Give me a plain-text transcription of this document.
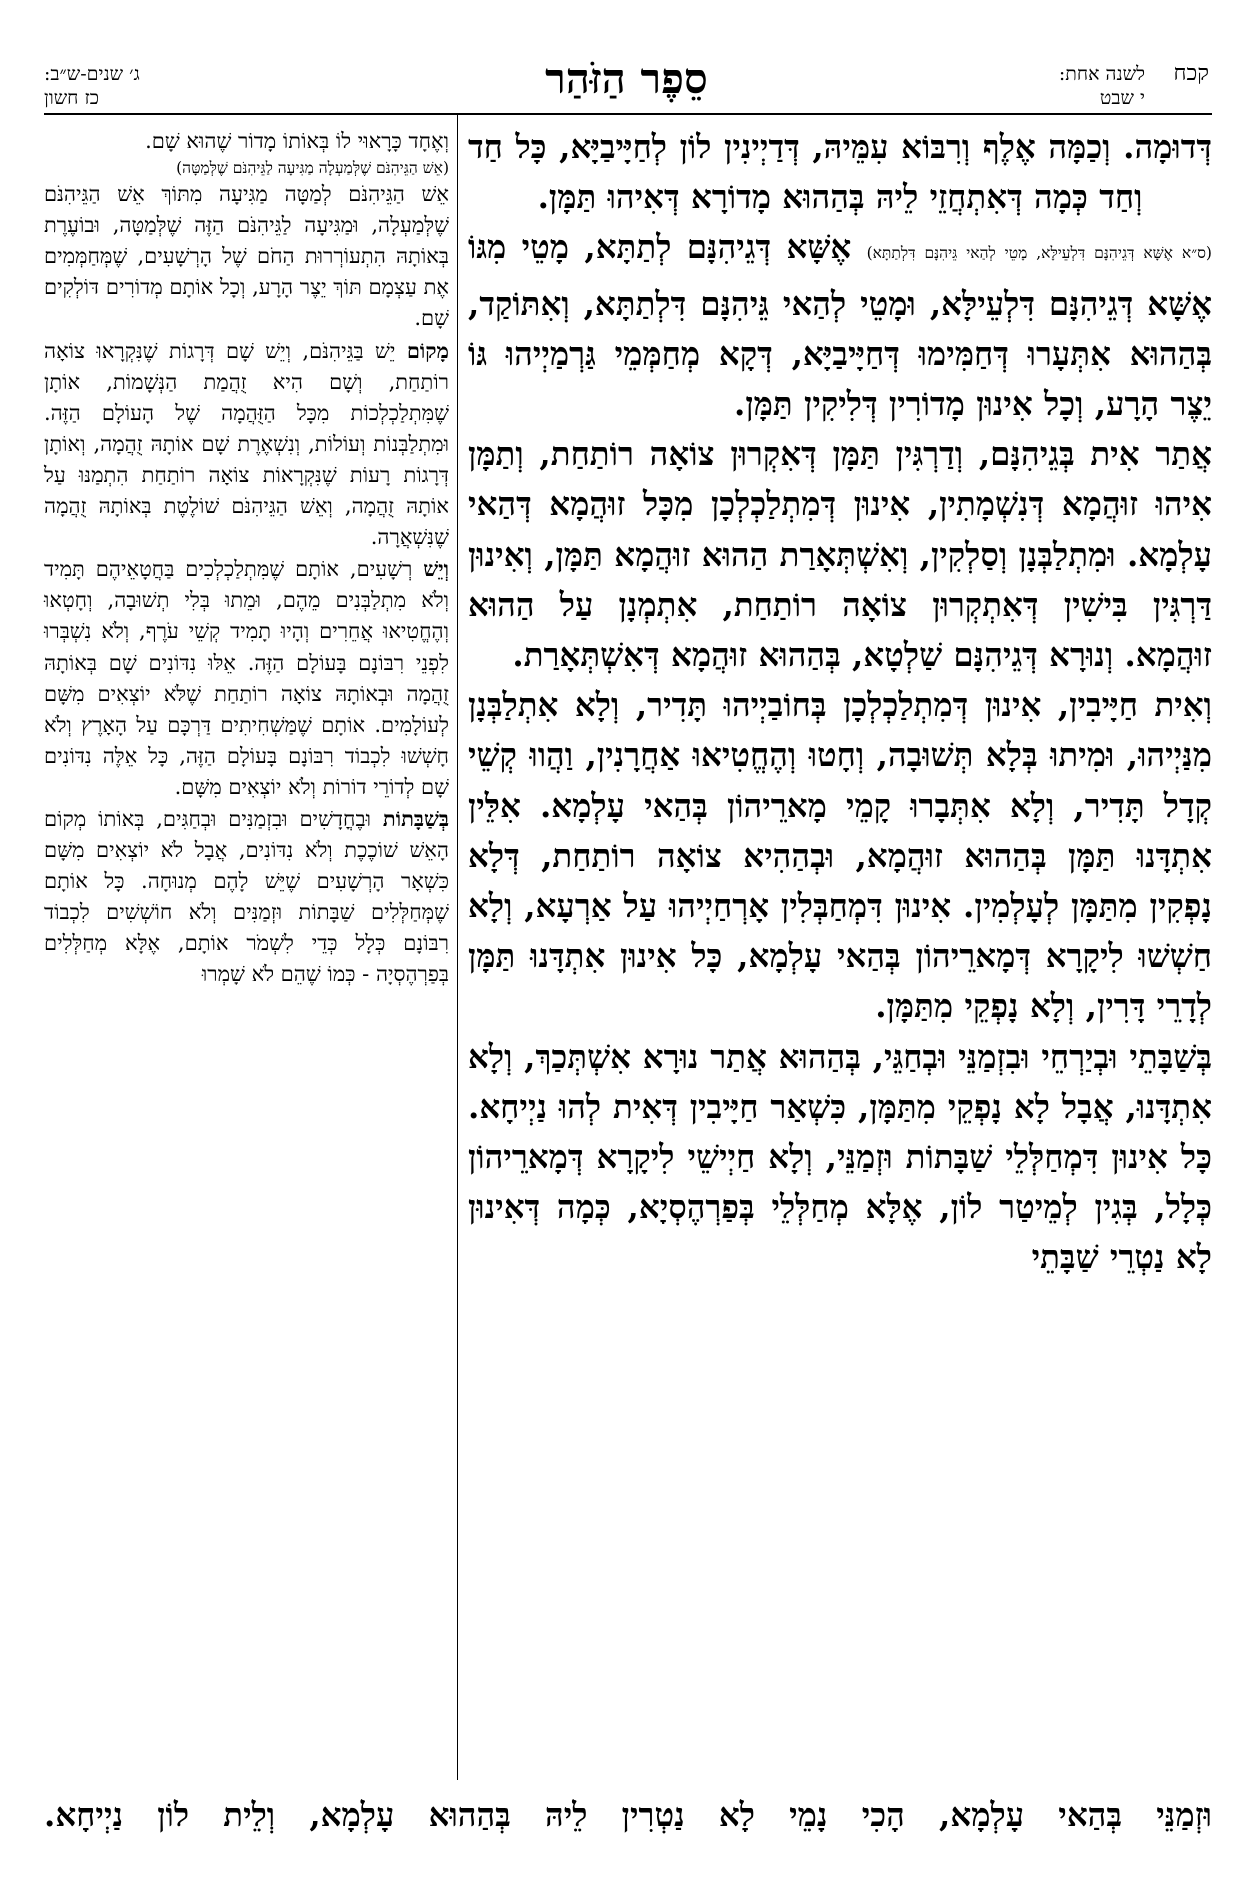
קכח
לשנה אחת:
י שבט
סֵפֶר הַזֹּהַר
ג׳ שנים-ש״ב:
כז חשון

דְּדוּמָה. וְכַמָּה אֶלֶף וְרִבּוֹא עִמֵּיהּ, דְּדַיְינִין לוֹן לְחַיָּיבַיָּא, כָּל חַד וְחַד כְּמָה דְּאִתְחֲזֵי לֵיהּ בְּהַהוּא מָדוֹרָא דְּאִיהוּ תַּמָּן.

(ס״א אֶשָּׁא דְּגֵיהִנָּם דִּלְעֵילָּא, מָטֵי לְהַאי גֵּיהִנָּם דִּלְתַתָּא) אֶשָּׁא דְּגֵיהִנָּם לְתַתָּא, מָטֵי מִגּוֹ אֶשָּׁא דְּגֵיהִנָּם דִּלְעֵילָּא, וּמָטֵי לְהַאי גֵּיהִנָּם דִּלְתַתָּא, וְאִתּוֹקַד, בְּהַהוּא אִתְּעָרוּ דְּחַמִּימוּ דְּחַיָּיבַיָּא, דְּקָא מְחַמְּמֵי גַּרְמַיְיהוּ גּוֹ יֵצֶר הָרָע, וְכָל אִינוּן מָדוֹרִין דְּלִיקִין תַּמָּן.

אֲתַר אִית בְּגֵיהִנָּם, וְדַרְגִּין תַּמָּן דְּאִקְרוּן צוֹאָה רוֹתַחַת, וְתַמָּן אִיהוּ זוּהֲמָא דְּנִשְׁמָתִין, אִינוּן דְּמִתְלַכְלְכָן מִכָּל זוּהֲמָא דְּהַאי עָלְמָא. וּמִתְלַבְּנָן וְסַלְקִין, וְאִשְׁתְּאָרַת הַהוּא זוּהֲמָא תַּמָּן, וְאִינוּן דַּרְגִּין בִּישִׁין דְּאִתְקְרוּן צוֹאָה רוֹתַחַת, אִתְמְנָן עַל הַהוּא זוּהֲמָא. וְנוּרָא דְּגֵיהִנָּם שַׁלְטָא, בְּהַהוּא זוּהֲמָא דְּאִשְׁתְּאָרַת.

וְאִית חַיָּיבִין, אִינוּן דְּמִתְלַכְלְכָן בְּחוֹבַיְיהוּ תָּדִיר, וְלָא אִתְלַבְּנָן מִנַּיְיהוּ, וּמִיתוּ בְּלָא תְּשׁוּבָה, וְחָטוּ וְהֶחֱטִיאוּ אַחֲרָנִין, וַהֲווּ קְשֵׁי קְדָל תָּדִיר, וְלָא אִתְּבָרוּ קָמֵי מָארֵיהוֹן בְּהַאי עָלְמָא. אִלֵּין אִתְדָּנוּ תַּמָּן בְּהַהוּא זוּהֲמָא, וּבְהַהִיא צוֹאָה רוֹתַחַת, דְּלָא נָפְקִין מִתַּמָּן לְעָלְמִין. אִינוּן דִּמְחַבְּלִין אָרְחַיְיהוּ עַל אַרְעָא, וְלָא חַשְׁשׁוּ לִיקָרָא דְּמָארֵיהוֹן בְּהַאי עָלְמָא, כָּל אִינוּן אִתְדָּנוּ תַּמָּן לְדָרֵי דָּרִין, וְלָא נָפְקֵי מִתַּמָּן.

בְּשַׁבָּתֵי וּבְיַרְחֵי וּבִזְמַנֵּי וּבְחַגֵּי, בְּהַהוּא אֲתַר נוּרָא אִשְׁתְּכַךְ, וְלָא אִתְדָּנוּ, אֲבָל לָא נָפְקֵי מִתַּמָּן, כִּשְׁאַר חַיָּיבִין דְּאִית לְהוּ נַיְיחָא. כָּל אִינוּן דִּמְחַלְּלֵי שַׁבָּתוֹת וּזְמַנֵּי, וְלָא חַיְישֵׁי לִיקָרָא דְּמָארֵיהוֹן כְּלָל, בְּגִין לְמֵיטַר לוֹן, אֶלָּא מְחַלְּלֵי בְּפַרְהֶסְיָא, כְּמָה דְּאִינוּן לָא נַטְרֵי שַׁבָּתֵי

וְאֶחָד כָּרָאוּי לוֹ בְּאוֹתוֹ מָדוֹר שֶׁהוּא שָׁם.

(אֵשׁ הַגֵּיהִנֹּם שֶׁלְּמַעְלָה מַגִּיעָה לַגֵּיהִנֹּם שֶׁלְּמַטָּה)
אֵשׁ הַגֵּיהִנֹּם לְמַטָּה מַגִּיעָה מִתּוֹךְ אֵשׁ הַגֵּיהִנֹּם שֶׁלְּמַעְלָה, וּמַגִּיעָה לַגֵּיהִנֹּם הַזֶּה שֶׁלְּמַטָּה, וּבוֹעֶרֶת בְּאוֹתָהּ הִתְעוֹרְרוּת הַחֹם שֶׁל הָרְשָׁעִים, שֶׁמְּחַמְּמִים אֶת עַצְמָם תּוֹךְ יֵצֶר הָרָע, וְכָל אוֹתָם מְדוֹרִים דּוֹלְקִים שָׁם.

מָקוֹם יֵשׁ בַּגֵּיהִנֹּם, וְיֵשׁ שָׁם דְּרָגוֹת שֶׁנִּקְרָאוּ צוֹאָה רוֹתַחַת, וְשָׁם הִיא זֻהֲמַת הַנְּשָׁמוֹת, אוֹתָן שֶׁמִּתְלַכְלְכוֹת מִכָּל הַזֻּהֲמָה שֶׁל הָעוֹלָם הַזֶּה. וּמִתְלַבְּנוֹת וְעוֹלוֹת, וְנִשְׁאֶרֶת שָׁם אוֹתָהּ זֻהֲמָה, וְאוֹתָן דְּרָגוֹת רָעוֹת שֶׁנִּקְרָאוֹת צוֹאָה רוֹתַחַת הִתְמַנּוּ עַל אוֹתָהּ זֻהֲמָה, וְאֵשׁ הַגֵּיהִנֹּם שׁוֹלֶטֶת בְּאוֹתָהּ זֻהֲמָה שֶׁנִּשְׁאֲרָה.

וְיֵשׁ רְשָׁעִים, אוֹתָם שֶׁמִּתְלַכְלְכִים בַּחֲטָאֵיהֶם תָּמִיד וְלֹא מִתְלַבְּנִים מֵהֶם, וּמֵתוּ בְּלִי תְשׁוּבָה, וְחָטְאוּ וְהֶחֱטִיאוּ אֲחֵרִים וְהָיוּ תָמִיד קְשֵׁי עֹרֶף, וְלֹא נִשְׁבְּרוּ לִפְנֵי רִבּוֹנָם בָּעוֹלָם הַזֶּה. אֵלּוּ נִדּוֹנִים שָׁם בְּאוֹתָהּ זֻהֲמָה וּבְאוֹתָהּ צוֹאָה רוֹתַחַת שֶׁלֹּא יוֹצְאִים מִשָּׁם לְעוֹלָמִים. אוֹתָם שֶׁמַּשְׁחִיתִים דַּרְכָּם עַל הָאָרֶץ וְלֹא חָשְׁשׁוּ לִכְבוֹד רִבּוֹנָם בָּעוֹלָם הַזֶּה, כָּל אֵלֶּה נִדּוֹנִים שָׁם לְדוֹרֵי דוֹרוֹת וְלֹא יוֹצְאִים מִשָּׁם.

בְּשַׁבָּתוֹת וּבֶחֳדָשִׁים וּבִזְמַנִּים וּבְחַגִּים, בְּאוֹתוֹ מְקוֹם הָאֵשׁ שׁוֹכֶכֶת וְלֹא נִדּוֹנִים, אֲבָל לֹא יוֹצְאִים מִשָּׁם כִּשְׁאָר הָרְשָׁעִים שֶׁיֵּשׁ לָהֶם מְנוּחָה. כָּל אוֹתָם שֶׁמְּחַלְּלִים שַׁבָּתוֹת וּזְמַנִּים וְלֹא חוֹשְׁשִׁים לִכְבוֹד רִבּוֹנָם כְּלָל כְּדֵי לִשְׁמֹר אוֹתָם, אֶלָּא מְחַלְּלִים בְּפַרְהֶסְיָה - כְּמוֹ שֶׁהֵם לֹא שָׁמְרוּ

וּזְמַנֵּי בְּהַאי עָלְמָא, הָכִי נָמֵי לָא נַטְרִין לֵיהּ בְּהַהוּא עָלְמָא, וְלֵית לוֹן נַיְיחָא.
